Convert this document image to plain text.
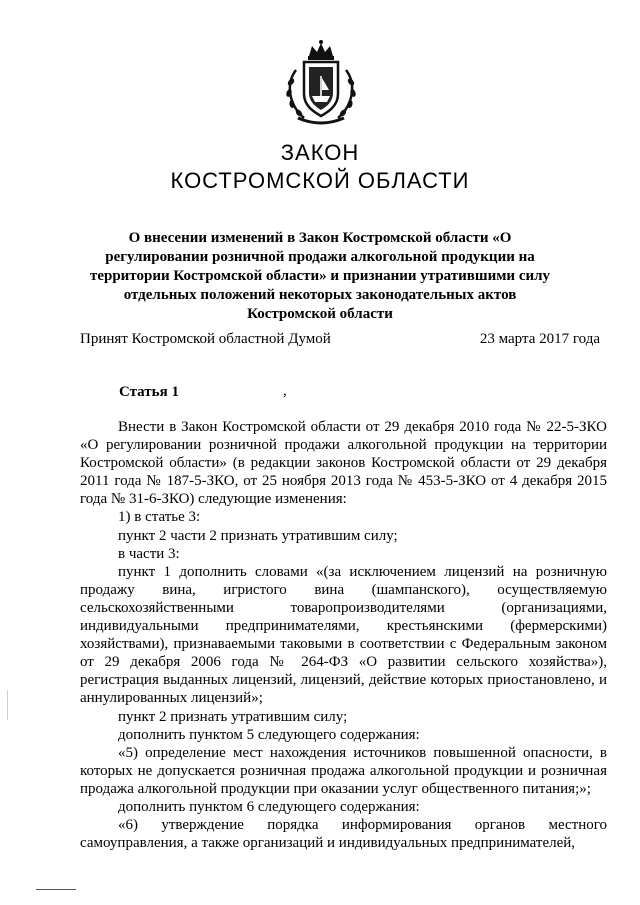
ЗАКОН
КОСТРОМСКОЙ ОБЛАСТИ
О внесении изменений в Закон Костромской области «О регулировании розничной продажи алкогольной продукции на территории Костромской области» и признании утратившими силу отдельных положений некоторых законодательных актов Костромской области
Принят Костромской областной Думой	23 марта 2017 года
Статья 1	,

Внести в Закон Костромской области от 29 декабря 2010 года № 22-5-ЗКО «О регулировании розничной продажи алкогольной продукции на территории Костромской области» (в редакции законов Костромской области от 29 декабря 2011 года № 187-5-ЗКО, от 25 ноября 2013 года № 453-5-ЗКО от 4 декабря 2015 года № 31-6-ЗКО) следующие изменения:

1) в статье 3:

пункт 2 части 2 признать утратившим силу;

в части 3:

пункт 1 дополнить словами «(за исключением лицензий на розничную продажу вина, игристого вина (шампанского), осуществляемую сельскохозяйственными товаропроизводителями (организациями, индивидуальными предпринимателями, крестьянскими (фермерскими) хозяйствами), признаваемыми таковыми в соответствии с Федеральным законом от 29 декабря 2006 года № 264-ФЗ «О развитии сельского хозяйства»), регистрация выданных лицензий, лицензий, действие которых приостановлено, и аннулированных лицензий»;

пункт 2 признать утратившим силу;

дополнить пунктом 5 следующего содержания:

«5) определение мест нахождения источников повышенной опасности, в которых не допускается розничная продажа алкогольной продукции и розничная продажа алкогольной продукции при оказании услуг общественного питания;»;

дополнить пунктом 6 следующего содержания:

«6) утверждение порядка информирования органов местного самоуправления, а также организаций и индивидуальных предпринимателей,
